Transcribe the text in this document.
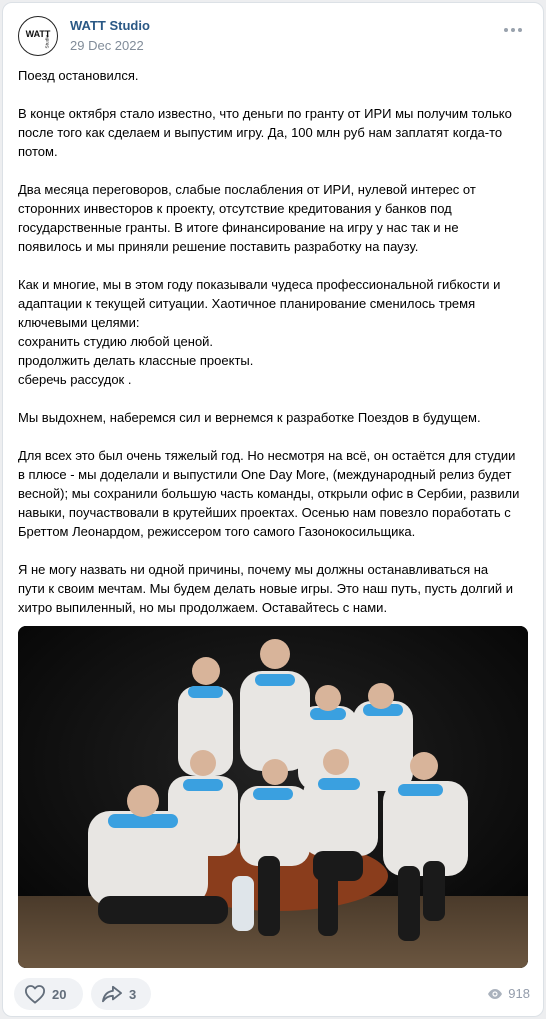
WATT
Studio
WATT Studio
29 Dec 2022

Поезд остановился.

В конце октября стало известно, что деньги по гранту от ИРИ мы получим только

после того как сделаем и выпустим игру. Да, 100 млн руб нам заплатят когда-то

потом.

Два месяца переговоров, слабые послабления от ИРИ, нулевой интерес от

сторонних инвесторов к проекту, отсутствие кредитования у банков под

государственные гранты. В итоге финансирование на игру у нас так и не

появилось и мы приняли решение поставить разработку на паузу.

Как и многие, мы в этом году показывали чудеса профессиональной гибкости и

адаптации к текущей ситуации. Хаотичное планирование сменилось тремя

ключевыми целями:

сохранить студию любой ценой.

продолжить делать классные проекты.

сберечь рассудок .

Мы выдохнем, наберемся сил и вернемся к разработке Поездов в будущем.

Для всех это был очень тяжелый год. Но несмотря на всё, он остаётся для студии

в плюсе - мы доделали и выпустили One Day More, (международный релиз будет

весной); мы сохранили большую часть команды, открыли офис в Сербии, развили

навыки, поучаствовали в крутейших проектах. Осенью нам повезло поработать с

Бреттом Леонардом, режиссером того самого Газонокосильщика.

Я не могу назвать ни одной причины, почему мы должны останавливаться на

пути к своим мечтам. Мы будем делать новые игры. Это наш путь, пусть долгий и

хитро выпиленный, но мы продолжаем. Оставайтесь с нами.

20	3	918
